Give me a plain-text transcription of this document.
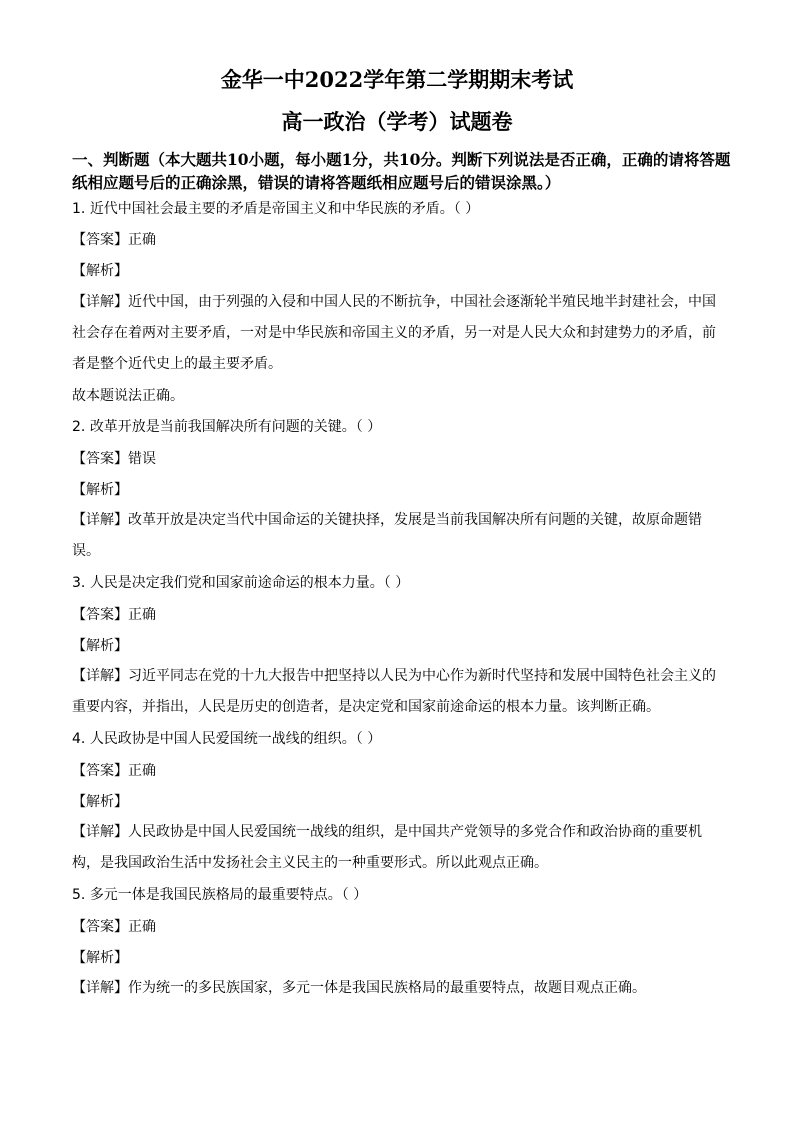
金华一中2022学年第二学期期末考试
高一政治（学考）试题卷
一、判断题（本大题共10小题，每小题1分，共10分。判断下列说法是否正确，正确的请将答题纸相应题号后的正确涂黑，错误的请将答题纸相应题号后的错误涂黑。）
1. 近代中国社会最主要的矛盾是帝国主义和中华民族的矛盾。（ ）
【答案】正确
【解析】
【详解】近代中国，由于列强的入侵和中国人民的不断抗争，中国社会逐渐轮半殖民地半封建社会，中国社会存在着两对主要矛盾，一对是中华民族和帝国主义的矛盾，另一对是人民大众和封建势力的矛盾，前者是整个近代史上的最主要矛盾。
故本题说法正确。
2. 改革开放是当前我国解决所有问题的关键。（ ）
【答案】错误
【解析】
【详解】改革开放是决定当代中国命运的关键抉择，发展是当前我国解决所有问题的关键，故原命题错误。
3. 人民是决定我们党和国家前途命运的根本力量。（ ）
【答案】正确
【解析】
【详解】习近平同志在党的十九大报告中把坚持以人民为中心作为新时代坚持和发展中国特色社会主义的重要内容，并指出，人民是历史的创造者，是决定党和国家前途命运的根本力量。该判断正确。
4. 人民政协是中国人民爱国统一战线的组织。（ ）
【答案】正确
【解析】
【详解】人民政协是中国人民爱国统一战线的组织，是中国共产党领导的多党合作和政治协商的重要机构，是我国政治生活中发扬社会主义民主的一种重要形式。所以此观点正确。
5. 多元一体是我国民族格局的最重要特点。（ ）
【答案】正确
【解析】
【详解】作为统一的多民族国家，多元一体是我国民族格局的最重要特点，故题目观点正确。
